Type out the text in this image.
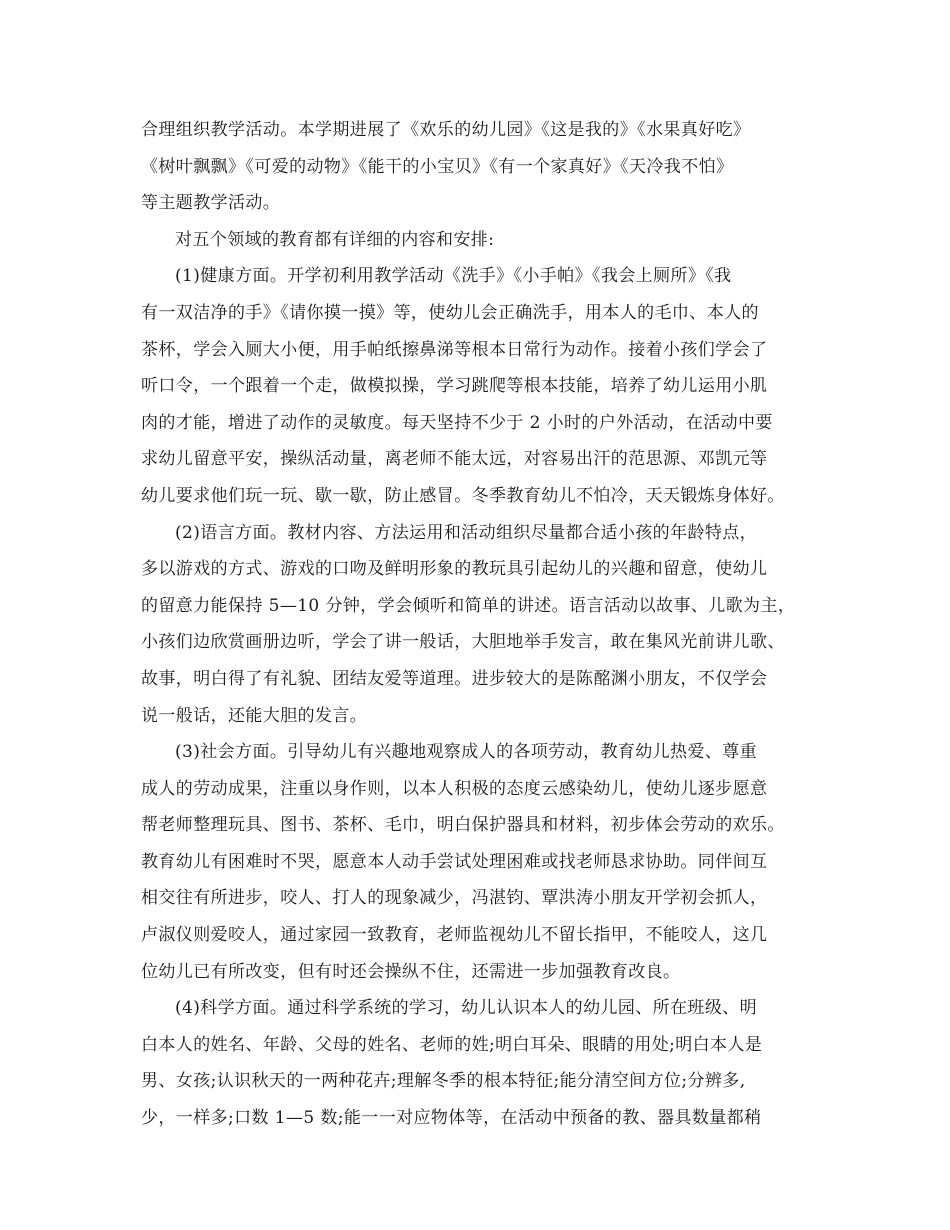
合理组织教学活动。本学期进展了《欢乐的幼儿园》《这是我的》《水果真好吃》
《树叶飘飘》《可爱的动物》《能干的小宝贝》《有一个家真好》《天冷我不怕》
等主题教学活动。
对五个领域的教育都有详细的内容和安排:
(1)健康方面。开学初利用教学活动《洗手》《小手帕》《我会上厕所》《我
有一双洁净的手》《请你摸一摸》等，使幼儿会正确洗手，用本人的毛巾、本人的
茶杯，学会入厕大小便，用手帕纸擦鼻涕等根本日常行为动作。接着小孩们学会了
听口令，一个跟着一个走，做模拟操，学习跳爬等根本技能，培养了幼儿运用小肌
肉的才能，增进了动作的灵敏度。每天坚持不少于 2 小时的户外活动，在活动中要
求幼儿留意平安，操纵活动量，离老师不能太远，对容易出汗的范思源、邓凯元等
幼儿要求他们玩一玩、歇一歇，防止感冒。冬季教育幼儿不怕冷，天天锻炼身体好。
(2)语言方面。教材内容、方法运用和活动组织尽量都合适小孩的年龄特点，
多以游戏的方式、游戏的口吻及鲜明形象的教玩具引起幼儿的兴趣和留意，使幼儿
的留意力能保持 5—10 分钟，学会倾听和简单的讲述。语言活动以故事、儿歌为主，
小孩们边欣赏画册边听，学会了讲一般话，大胆地举手发言，敢在集风光前讲儿歌、
故事，明白得了有礼貌、团结友爱等道理。进步较大的是陈酩渊小朋友，不仅学会
说一般话，还能大胆的发言。
(3)社会方面。引导幼儿有兴趣地观察成人的各项劳动，教育幼儿热爱、尊重
成人的劳动成果，注重以身作则，以本人积极的态度云感染幼儿，使幼儿逐步愿意
帮老师整理玩具、图书、茶杯、毛巾，明白保护器具和材料，初步体会劳动的欢乐。
教育幼儿有困难时不哭，愿意本人动手尝试处理困难或找老师恳求协助。同伴间互
相交往有所进步，咬人、打人的现象减少，冯湛钧、覃洪涛小朋友开学初会抓人，
卢淑仪则爱咬人，通过家园一致教育，老师监视幼儿不留长指甲，不能咬人，这几
位幼儿已有所改变，但有时还会操纵不住，还需进一步加强教育改良。
(4)科学方面。通过科学系统的学习，幼儿认识本人的幼儿园、所在班级、明
白本人的姓名、年龄、父母的姓名、老师的姓;明白耳朵、眼睛的用处;明白本人是
男、女孩;认识秋天的一两种花卉;理解冬季的根本特征;能分清空间方位;分辨多,
少，一样多;口数 1—5 数;能一一对应物体等，在活动中预备的教、器具数量都稍
